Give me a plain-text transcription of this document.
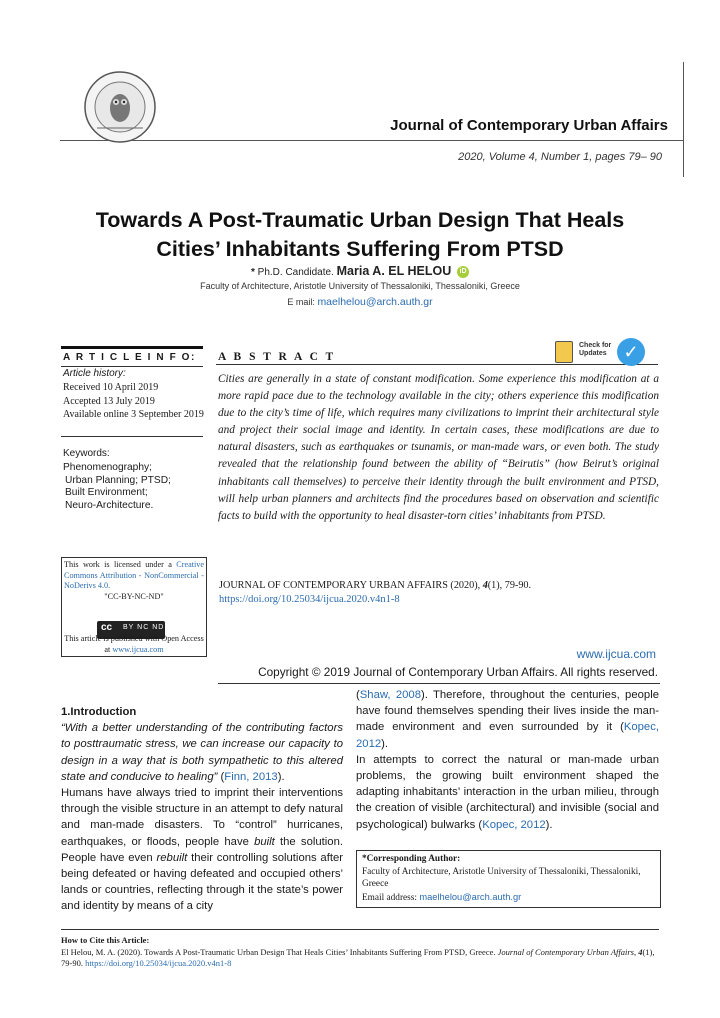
Journal of Contemporary Urban Affairs
2020, Volume 4, Number 1, pages 79– 90
Towards A Post-Traumatic Urban Design That Heals
Cities’ Inhabitants Suffering From PTSD
* Ph.D. Candidate. Maria A. EL HELOU iD
Faculty of Architecture, Aristotle University of Thessaloniki, Thessaloniki, Greece
E mail: maelhelou@arch.auth.gr
A R T I C L E I N F O:
Article history:
Received 10 April 2019
Accepted 13 July 2019
Available online 3 September 2019
Keywords:
Phenomenography;
Urban Planning; PTSD;
Built Environment;
Neuro-Architecture.
A B S T R A C T
Check for
Updates ✓
Cities are generally in a state of constant modification. Some experience this modification at a more rapid pace due to the technology available in the city; others experience this modification due to the city’s time of life, which requires many civilizations to imprint their architectural style and project their social image and identity. In certain cases, these modifications are due to natural disasters, such as earthquakes or tsunamis, or man-made wars, or even both. The study revealed that the relationship found between the ability of “Beirutis” (how Beirut’s original inhabitants call themselves) to perceive their identity through the built environment and PTSD, will help urban planners and architects find the procedures based on observation and scientific facts to build with the opportunity to heal disaster-torn cities’ inhabitants from PTSD.
This work is licensed under a Creative Commons Attribution - NonCommercial - NoDerivs 4.0.
"CC-BY-NC-ND"
cc BY NC ND
This article is published with Open Access at www.ijcua.com
JOURNAL OF CONTEMPORARY URBAN AFFAIRS (2020), 4(1), 79-90.
https://doi.org/10.25034/ijcua.2020.v4n1-8
www.ijcua.com
Copyright © 2019 Journal of Contemporary Urban Affairs. All rights reserved.
1.Introduction
“With a better understanding of the contributing factors to posttraumatic stress, we can increase our capacity to design in a way that is both sympathetic to this altered state and conducive to healing” (Finn, 2013).
Humans have always tried to imprint their interventions through the visible structure in an attempt to defy natural and man-made disasters. To “control” hurricanes, earthquakes, or floods, people have built the solution. People have even rebuilt their controlling solutions after being defeated or having defeated and occupied others’ lands or countries, reflecting through it the state’s power and identity by means of a city
(Shaw, 2008). Therefore, throughout the centuries, people have found themselves spending their lives inside the man-made environment and even surrounded by it (Kopec, 2012).
In attempts to correct the natural or man-made urban problems, the growing built environment shaped the adapting inhabitants’ interaction in the urban milieu, through the creation of visible (architectural) and invisible (social and psychological) bulwarks (Kopec, 2012).
*Corresponding Author:
Faculty of Architecture, Aristotle University of Thessaloniki, Thessaloniki, Greece
Email address: maelhelou@arch.auth.gr
How to Cite this Article:
El Helou, M. A. (2020). Towards A Post-Traumatic Urban Design That Heals Cities’ Inhabitants Suffering From PTSD, Greece. Journal of Contemporary Urban Affairs, 4(1), 79-90. https://doi.org/10.25034/ijcua.2020.v4n1-8
